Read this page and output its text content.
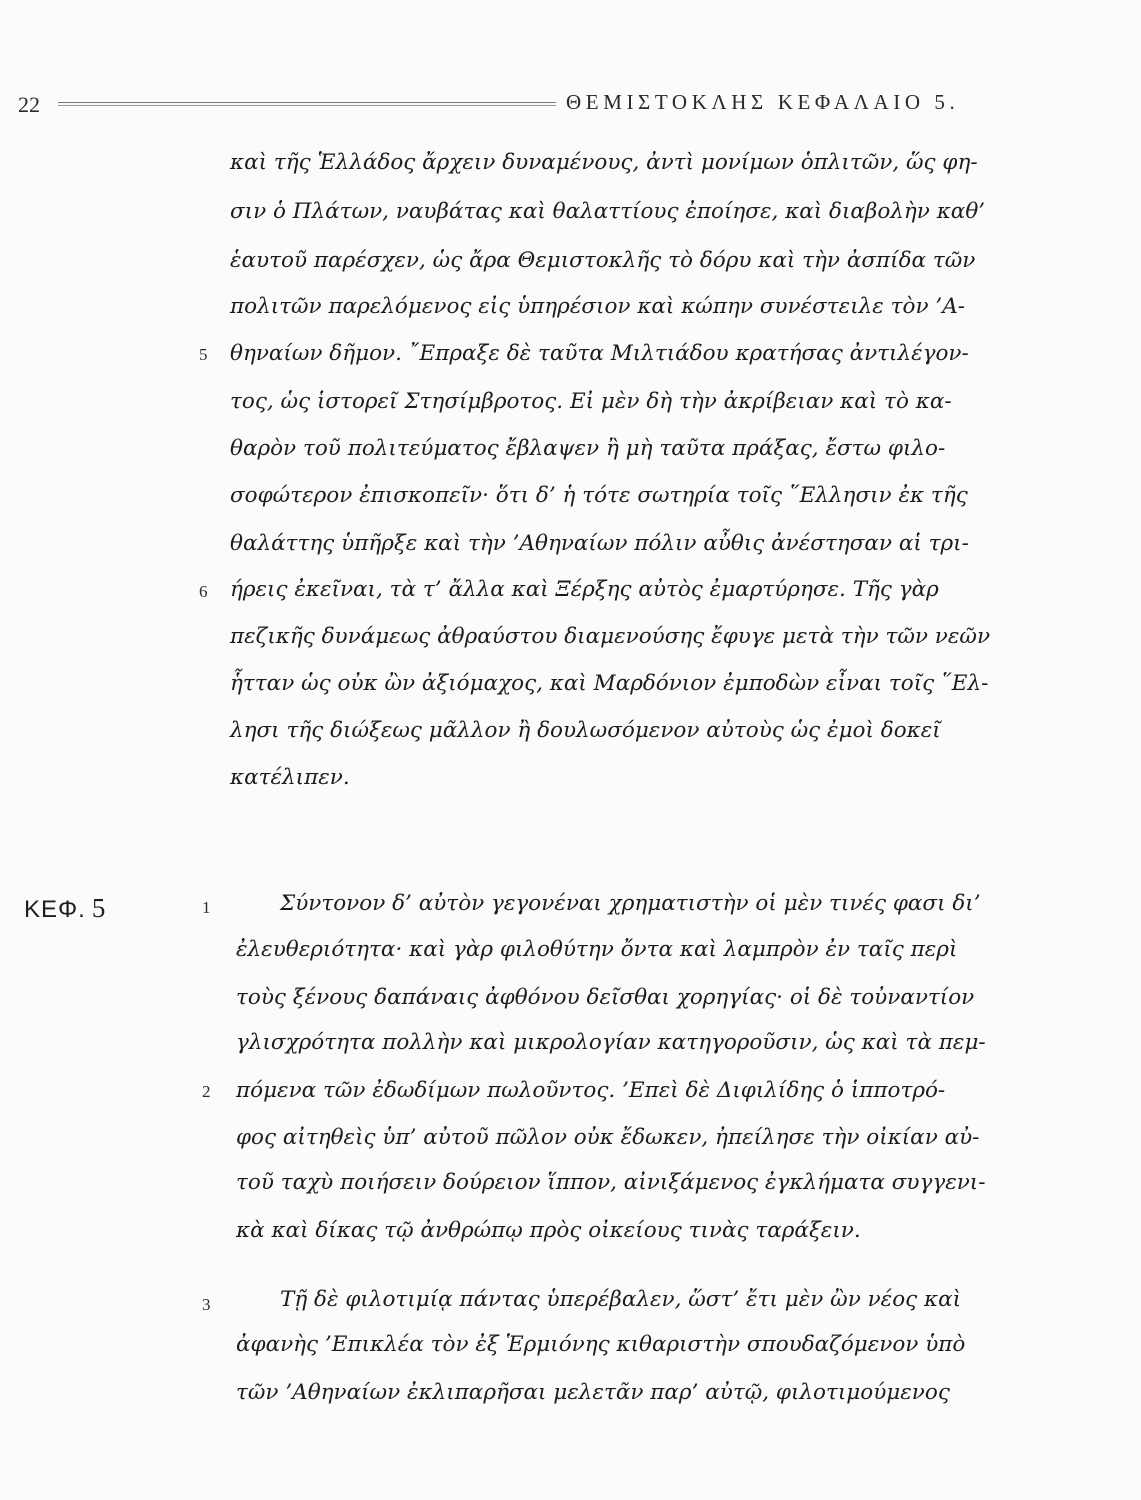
22	ΘΕΜΙΣΤΟΚΛΗΣ ΚΕΦΑΛΑΙΟ 5.
καὶ τῆς Ἑλλάδος ἄρχειν δυναμένους, ἀντὶ μονίμων ὁπλιτῶν, ὥς φη-
σιν ὁ Πλάτων, ναυβάτας καὶ θαλαττίους ἐποίησε, καὶ διαβολὴν καθ’
ἑαυτοῦ παρέσχεν, ὡς ἄρα Θεμιστοκλῆς τὸ δόρυ καὶ τὴν ἀσπίδα τῶν
πολιτῶν παρελόμενος εἰς ὑπηρέσιον καὶ κώπην συνέστειλε τὸν ’Α-
θηναίων δῆμον. ῎Επραξε δὲ ταῦτα Μιλτιάδου κρατήσας ἀντιλέγον-
τος, ὡς ἱστορεῖ Στησίμβροτος. Εἰ μὲν δὴ τὴν ἀκρίβειαν καὶ τὸ κα-
θαρὸν τοῦ πολιτεύματος ἔβλαψεν ἢ μὴ ταῦτα πράξας, ἔστω φιλο-
σοφώτερον ἐπισκοπεῖν· ὅτι δ’ ἡ τότε σωτηρία τοῖς ῞Ελλησιν ἐκ τῆς
θαλάττης ὑπῆρξε καὶ τὴν ’Αθηναίων πόλιν αὖθις ἀνέστησαν αἱ τρι-
ήρεις ἐκεῖναι, τὰ τ’ ἄλλα καὶ Ξέρξης αὐτὸς ἐμαρτύρησε. Τῆς γὰρ
πεζικῆς δυνάμεως ἀθραύστου διαμενούσης ἔφυγε μετὰ τὴν τῶν νεῶν
ἧτταν ὡς οὐκ ὢν ἀξιόμαχος, καὶ Μαρδόνιον ἐμποδὼν εἶναι τοῖς ῞Ελ-
λησι τῆς διώξεως μᾶλλον ἢ δουλωσόμενον αὐτοὺς ὡς ἐμοὶ δοκεῖ
κατέλιπεν.
5
6
ΚΕΦ. 5	1	Σύντονον δ’ αὐτὸν γεγονέναι χρηματιστὴν οἱ μὲν τινές φασι δι’
ἐλευθεριότητα· καὶ γὰρ φιλοθύτην ὄντα καὶ λαμπρὸν ἐν ταῖς περὶ
τοὺς ξένους δαπάναις ἀφθόνου δεῖσθαι χορηγίας· οἱ δὲ τοὐναντίον
γλισχρότητα πολλὴν καὶ μικρολογίαν κατηγοροῦσιν, ὡς καὶ τὰ πεμ-
πόμενα τῶν ἐδωδίμων πωλοῦντος. ’Επεὶ δὲ Διφιλίδης ὁ ἱπποτρό-
φος αἰτηθεὶς ὑπ’ αὐτοῦ πῶλον οὐκ ἔδωκεν, ἠπείλησε τὴν οἰκίαν αὐ-
τοῦ ταχὺ ποιήσειν δούρειον ἵππον, αἰνιξάμενος ἐγκλήματα συγγενι-
κὰ καὶ δίκας τῷ ἀνθρώπῳ πρὸς οἰκείους τινὰς ταράξειν.
2
3	Τῇ δὲ φιλοτιμίᾳ πάντας ὑπερέβαλεν, ὥστ’ ἔτι μὲν ὢν νέος καὶ
ἀφανὴς ’Επικλέα τὸν ἐξ Ἑρμιόνης κιθαριστὴν σπουδαζόμενον ὑπὸ
τῶν ’Αθηναίων ἐκλιπαρῆσαι μελετᾶν παρ’ αὐτῷ, φιλοτιμούμενος
